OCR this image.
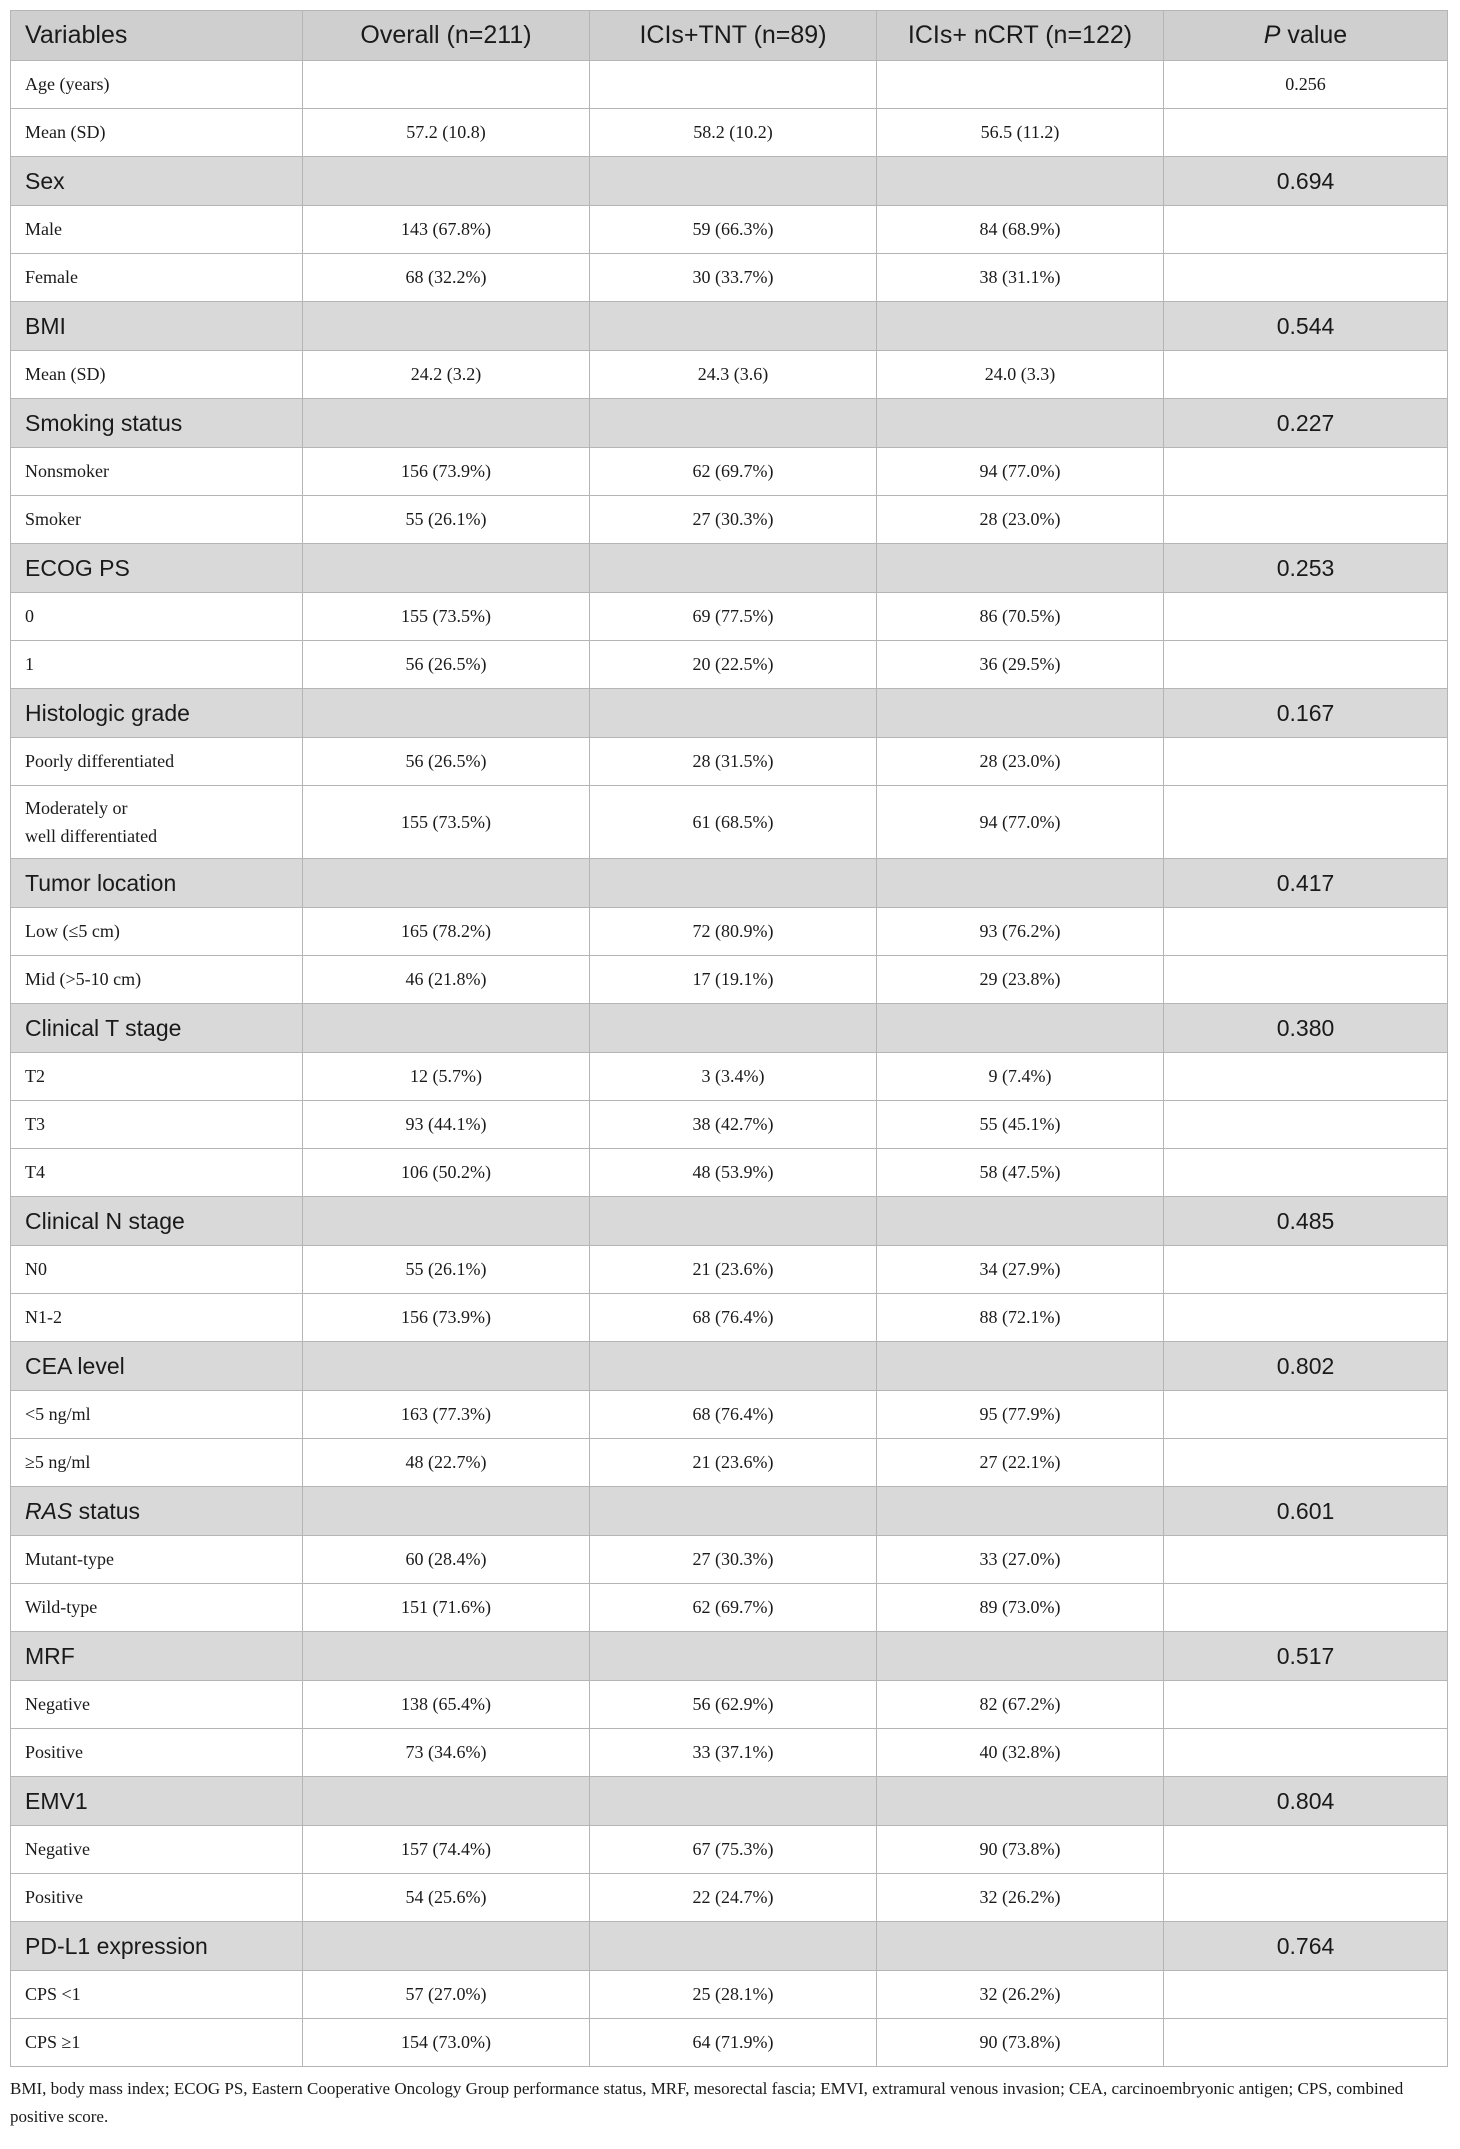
Variables	Overall (n=211)	ICIs+TNT (n=89)	ICIs+ nCRT (n=122)	P value
Age (years)				0.256
Mean (SD)	57.2 (10.8)	58.2 (10.2)	56.5 (11.2)	
Sex				0.694
Male	143 (67.8%)	59 (66.3%)	84 (68.9%)	
Female	68 (32.2%)	30 (33.7%)	38 (31.1%)	
BMI				0.544
Mean (SD)	24.2 (3.2)	24.3 (3.6)	24.0 (3.3)	
Smoking status				0.227
Nonsmoker	156 (73.9%)	62 (69.7%)	94 (77.0%)	
Smoker	55 (26.1%)	27 (30.3%)	28 (23.0%)	
ECOG PS				0.253
0	155 (73.5%)	69 (77.5%)	86 (70.5%)	
1	56 (26.5%)	20 (22.5%)	36 (29.5%)	
Histologic grade				0.167
Poorly differentiated	56 (26.5%)	28 (31.5%)	28 (23.0%)	

Moderately or
well differentiated	155 (73.5%)	61 (68.5%)	94 (77.0%)	
Tumor location				0.417
Low (≤5 cm)	165 (78.2%)	72 (80.9%)	93 (76.2%)	
Mid (>5-10 cm)	46 (21.8%)	17 (19.1%)	29 (23.8%)	
Clinical T stage				0.380
T2	12 (5.7%)	3 (3.4%)	9 (7.4%)	
T3	93 (44.1%)	38 (42.7%)	55 (45.1%)	
T4	106 (50.2%)	48 (53.9%)	58 (47.5%)	
Clinical N stage				0.485
N0	55 (26.1%)	21 (23.6%)	34 (27.9%)	
N1-2	156 (73.9%)	68 (76.4%)	88 (72.1%)	
CEA level				0.802
<5 ng/ml	163 (77.3%)	68 (76.4%)	95 (77.9%)	
≥5 ng/ml	48 (22.7%)	21 (23.6%)	27 (22.1%)	
RAS status				0.601
Mutant-type	60 (28.4%)	27 (30.3%)	33 (27.0%)	
Wild-type	151 (71.6%)	62 (69.7%)	89 (73.0%)	
MRF				0.517
Negative	138 (65.4%)	56 (62.9%)	82 (67.2%)	
Positive	73 (34.6%)	33 (37.1%)	40 (32.8%)	
EMV1				0.804
Negative	157 (74.4%)	67 (75.3%)	90 (73.8%)	
Positive	54 (25.6%)	22 (24.7%)	32 (26.2%)	
PD-L1 expression				0.764
CPS <1	57 (27.0%)	25 (28.1%)	32 (26.2%)	
CPS ≥1	154 (73.0%)	64 (71.9%)	90 (73.8%)	
BMI, body mass index; ECOG PS, Eastern Cooperative Oncology Group performance status, MRF, mesorectal fascia; EMVI, extramural venous invasion; CEA, carcinoembryonic antigen; CPS, combined positive score.
